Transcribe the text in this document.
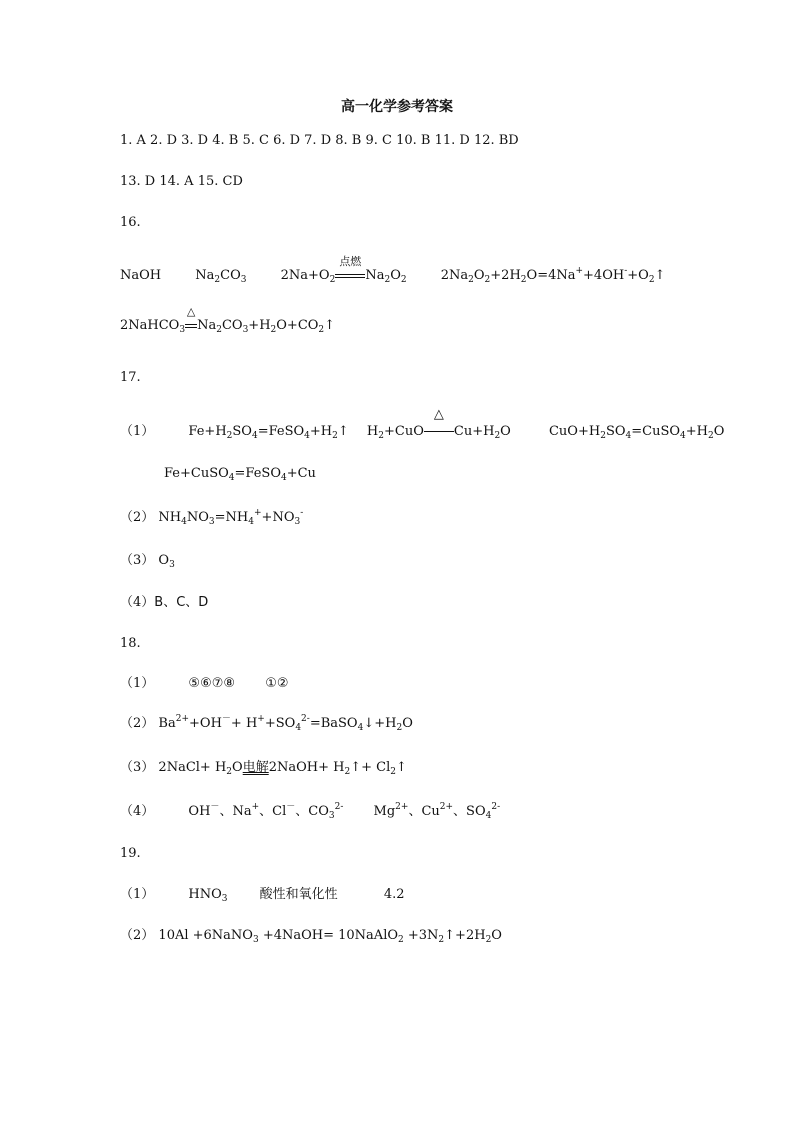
高一化学参考答案
1. A 2. D 3. D 4. B 5. C 6. D 7. D 8. B 9. C 10. B 11. D 12. BD
13. D 14. A 15. CD
16.
NaOH	$Na_2CO_3$	$2Na+O_2$
点燃
$Na_2O_2$	$2Na_2O_2+2H_2O=4Na^++4OH^-+O_2↑$
2NaHCO$_3$
△
$Na_2CO_3+H_2O+CO_2↑$
17.
（1）	$Fe+H_2SO_4=FeSO_4+H_2↑$ $H_2+CuO$
△
$Cu+H_2O$	$CuO+H_2SO_4=CuSO_4+H_2O$
Fe+CuSO$_4$=FeSO$_4$+Cu
（2） $NH_4NO_3=NH_4^++NO_3^-$
（3） $O_3$
（4）B、C、D
18.
（1）	⑤⑥⑦⑧ ①②
（2） $Ba^{2+}+OH^-+$ $H^++SO_4^{2-}=BaSO_4↓+H_2O$
（3） 2NaCl+ $H_2O$电解2NaOH+ $H_2↑+$ $Cl_2↑$
（4）	OH－、Na+、Cl－、$CO_3^{2-}$ $Mg^{2+}$、$Cu^{2+}$、$SO_4^{2-}$
19.
（1）	$HNO_3$ 酸性和氧化性	4.2
（2） 10Al +6NaNO$_3$ +4NaOH= 10NaAlO$_2$ $+3N_2↑+2H_2O$
